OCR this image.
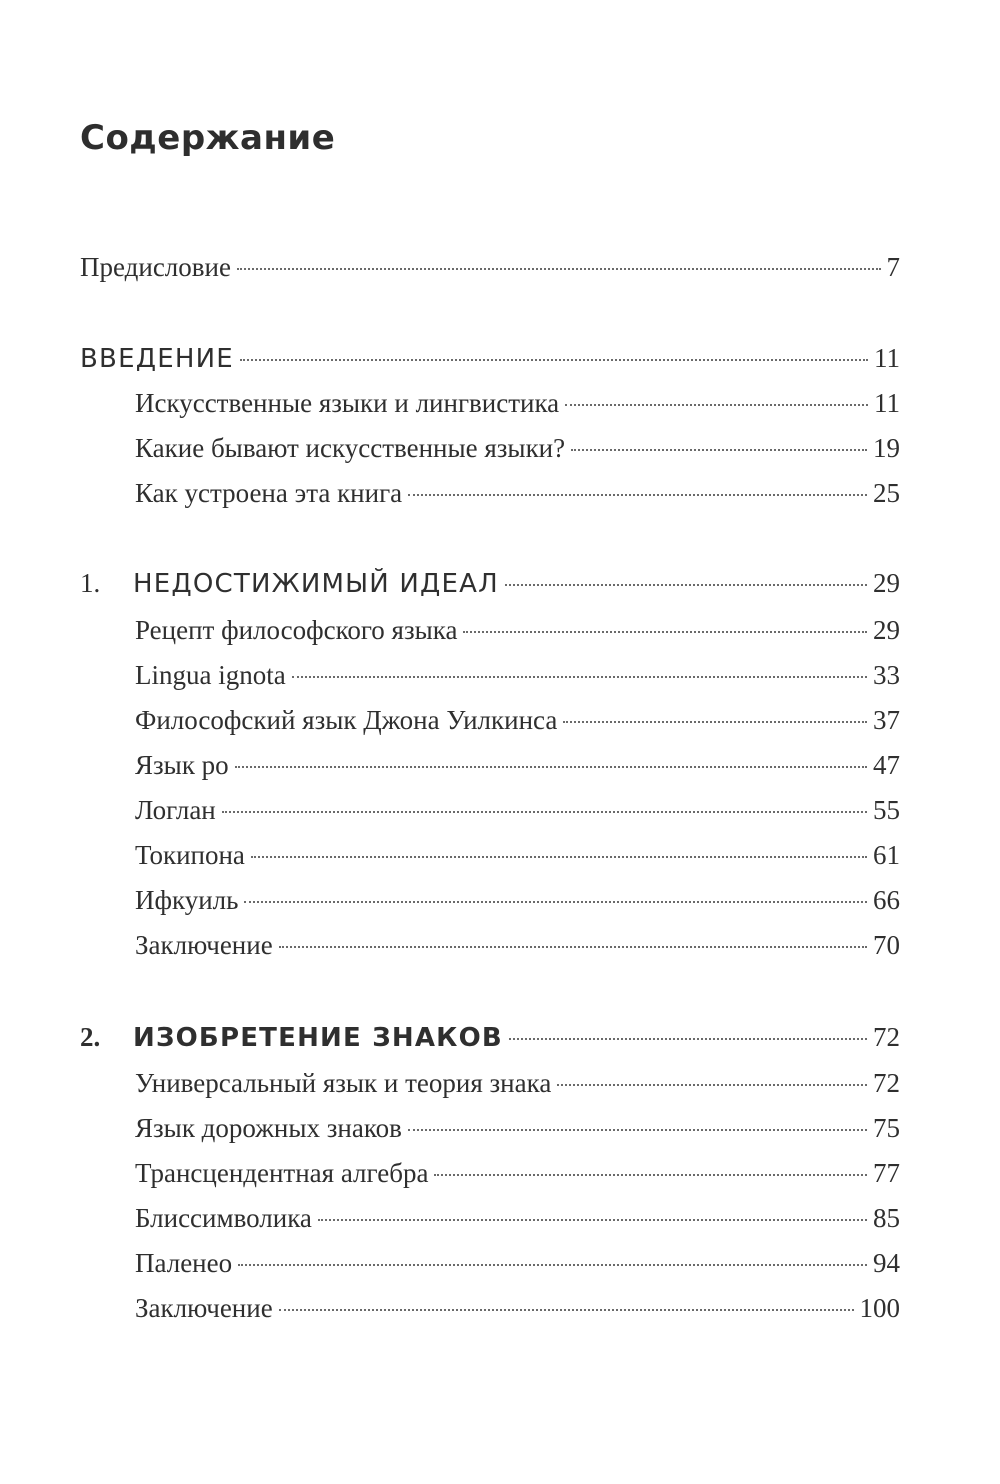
Содержание
Предисловие	7
ВВЕДЕНИЕ	11
Искусственные языки и лингвистика	11
Какие бывают искусственные языки?	19
Как устроена эта книга	25
1.	НЕДОСТИЖИМЫЙ ИДЕАЛ	29
Рецепт философского языка	29
Lingua ignota	33
Философский язык Джона Уилкинса	37
Язык ро	47
Логлан	55
Токипона	61
Ифкуиль	66
Заключение	70
2.	ИЗОБРЕТЕНИЕ ЗНАКОВ	72
Универсальный язык и теория знака	72
Язык дорожных знаков	75
Трансцендентная алгебра	77
Блиссимволика	85
Паленео	94
Заключение	100
